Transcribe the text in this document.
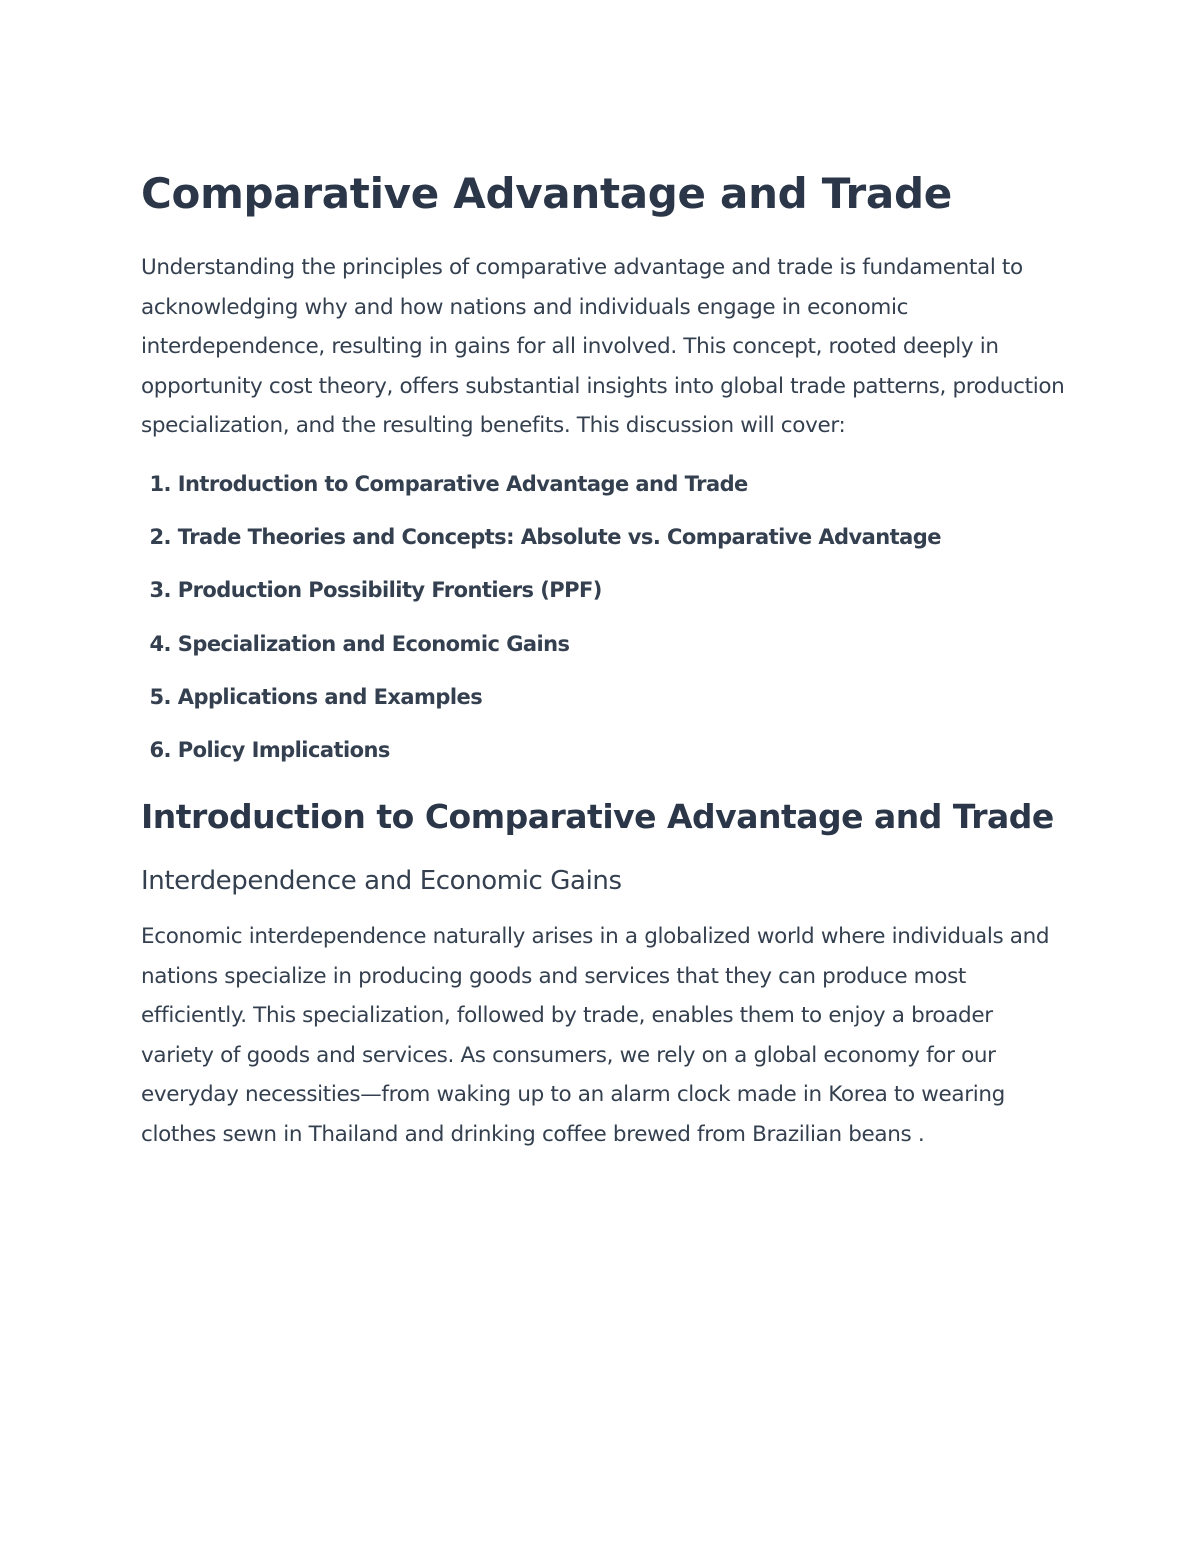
Comparative Advantage and Trade

Understanding the principles of comparative advantage and trade is fundamental to acknowledging why and how nations and individuals engage in economic interdependence, resulting in gains for all involved. This concept, rooted deeply in opportunity cost theory, offers substantial insights into global trade patterns, production specialization, and the resulting benefits. This discussion will cover:

1. Introduction to Comparative Advantage and Trade
2. Trade Theories and Concepts: Absolute vs. Comparative Advantage
3. Production Possibility Frontiers (PPF)
4. Specialization and Economic Gains
5. Applications and Examples
6. Policy Implications
Introduction to Comparative Advantage and Trade
Interdependence and Economic Gains

Economic interdependence naturally arises in a globalized world where individuals and nations specialize in producing goods and services that they can produce most efficiently. This specialization, followed by trade, enables them to enjoy a broader variety of goods and services. As consumers, we rely on a global economy for our everyday necessities—from waking up to an alarm clock made in Korea to wearing clothes sewn in Thailand and drinking coffee brewed from Brazilian beans .
